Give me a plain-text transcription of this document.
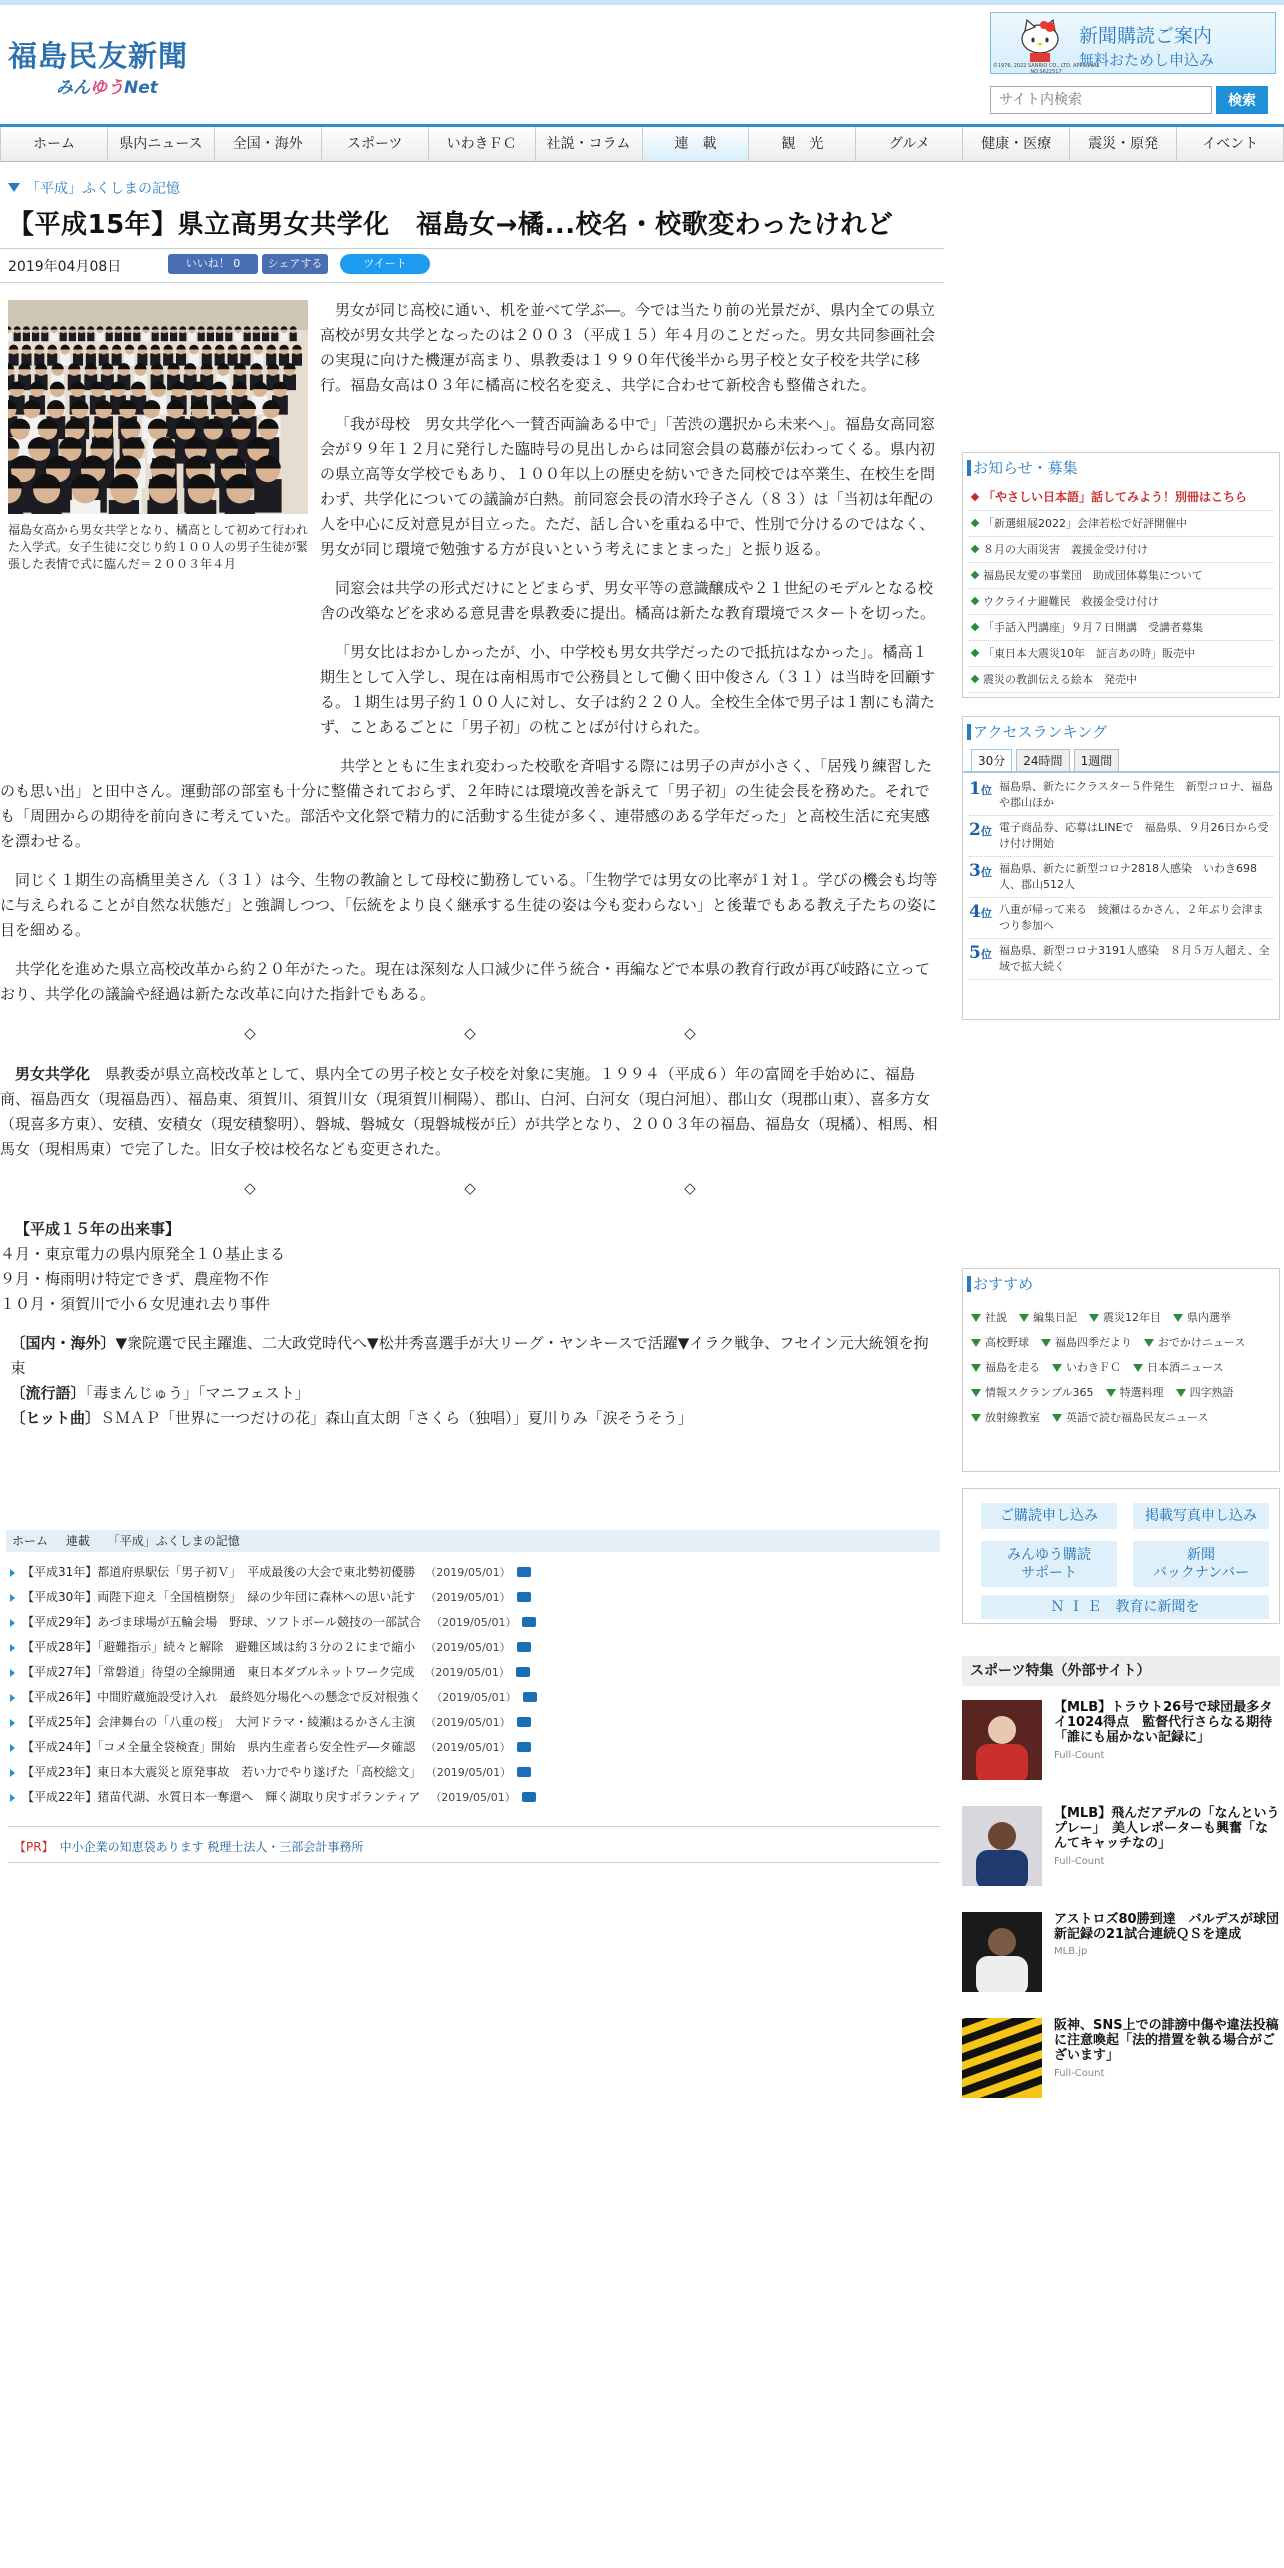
福島民友新聞
みんゆうNet
©1976, 2022 SANRIO CO., LTD. APPROVAL NO.S622517
新聞購読ご案内
無料おためし申込み
サイト内検索
検索
ホーム	県内ニュース	全国・海外	スポーツ	いわきＦＣ	社説・コラム	連　載	観　光	グルメ	健康・医療	震災・原発	イベント
「平成」ふくしまの記憶
【平成15年】県立高男女共学化　福島女→橘...校名・校歌変わったけれど
2019年04月08日	いいね！ 0	シェアする	ツイート

男女が同じ高校に通い、机を並べて学ぶ―。今では当たり前の光景だが、県内全ての県立高校が男女共学となったのは２００３（平成１５）年４月のことだった。男女共同参画社会の実現に向けた機運が高まり、県教委は１９９０年代後半から男子校と女子校を共学に移行。福島女高は０３年に橘高に校名を変え、共学に合わせて新校舎も整備された。

「我が母校　男女共学化へ一賛否両論ある中で」「苦渋の選択から未来へ」。福島女高同窓会が９９年１２月に発行した臨時号の見出しからは同窓会員の葛藤が伝わってくる。県内初の県立高等女学校でもあり、１００年以上の歴史を紡いできた同校では卒業生、在校生を問わず、共学化についての議論が白熱。前同窓会長の清水玲子さん（８３）は「当初は年配の人を中心に反対意見が目立った。ただ、話し合いを重ねる中で、性別で分けるのではなく、男女が同じ環境で勉強する方が良いという考えにまとまった」と振り返る。

同窓会は共学の形式だけにとどまらず、男女平等の意識醸成や２１世紀のモデルとなる校舎の改築などを求める意見書を県教委に提出。橘高は新たな教育環境でスタートを切った。

「男女比はおかしかったが、小、中学校も男女共学だったので抵抗はなかった」。橘高１期生として入学し、現在は南相馬市で公務員として働く田中俊さん（３１）は当時を回顧する。１期生は男子約１００人に対し、女子は約２２０人。全校生全体で男子は１割にも満たず、ことあるごとに「男子初」の枕ことばが付けられた。

共学とともに生まれ変わった校歌を斉唱する際には男子の声が小さく、「居残り練習したのも思い出」と田中さん。運動部の部室も十分に整備されておらず、２年時には環境改善を訴えて「男子初」の生徒会長を務めた。それでも「周囲からの期待を前向きに考えていた。部活や文化祭で精力的に活動する生徒が多く、連帯感のある学年だった」と高校生活に充実感を漂わせる。

同じく１期生の高橋里美さん（３１）は今、生物の教諭として母校に勤務している。「生物学では男女の比率が１対１。学びの機会も均等に与えられることが自然な状態だ」と強調しつつ、「伝統をより良く継承する生徒の姿は今も変わらない」と後輩でもある教え子たちの姿に目を細める。

共学化を進めた県立高校改革から約２０年がたった。現在は深刻な人口減少に伴う統合・再編などで本県の教育行政が再び岐路に立っており、共学化の議論や経過は新たな改革に向けた指針でもある。

◇	◇	◇

男女共学化　 県教委が県立高校改革として、県内全ての男子校と女子校を対象に実施。１９９４（平成６）年の富岡を手始めに、福島商、福島西女（現福島西）、福島東、須賀川、須賀川女（現須賀川桐陽）、郡山、白河、白河女（現白河旭）、郡山女（現郡山東）、喜多方女（現喜多方東）、安積、安積女（現安積黎明）、磐城、磐城女（現磐城桜が丘）が共学となり、２００３年の福島、福島女（現橘）、相馬、相馬女（現相馬東）で完了した。旧女子校は校名なども変更された。

◇	◇	◇

【平成１５年の出来事】

４月・東京電力の県内原発全１０基止まる

９月・梅雨明け特定できず、農産物不作

１０月・須賀川で小６女児連れ去り事件

〔国内・海外〕▼衆院選で民主躍進、二大政党時代へ▼松井秀喜選手が大リーグ・ヤンキースで活躍▼イラク戦争、フセイン元大統領を拘束

〔流行語〕「毒まんじゅう」「マニフェスト」

〔ヒット曲〕ＳＭＡＰ「世界に一つだけの花」森山直太朗「さくら（独唱）」夏川りみ「涙そうそう」

福島女高から男女共学となり、橘高として初めて行われた入学式。女子生徒に交じり約１００人の男子生徒が緊張した表情で式に臨んだ＝２００３年４月
ホーム 連載 「平成」ふくしまの記憶
【平成31年】都道府県駅伝「男子初Ｖ」　平成最後の大会で東北勢初優勝 （2019/05/01）
【平成30年】両陛下迎え「全国植樹祭」　緑の少年団に森林への思い託す （2019/05/01）
【平成29年】あづま球場が五輪会場　野球、ソフトボール競技の一部試合 （2019/05/01）
【平成28年】「避難指示」続々と解除　避難区域は約３分の２にまで縮小 （2019/05/01）
【平成27年】「常磐道」待望の全線開通　東日本ダブルネットワーク完成 （2019/05/01）
【平成26年】中間貯蔵施設受け入れ　最終処分場化への懸念で反対根強く （2019/05/01）
【平成25年】会津舞台の「八重の桜」　大河ドラマ・綾瀬はるかさん主演 （2019/05/01）
【平成24年】「コメ全量全袋検査」開始　県内生産者ら安全性デ―タ確認 （2019/05/01）
【平成23年】東日本大震災と原発事故　若い力でやり遂げた「高校総文」 （2019/05/01）
【平成22年】猪苗代湖、水質日本一奪還へ　輝く湖取り戻すボランティア （2019/05/01）
【PR】　 中小企業の知恵袋あります 税理士法人・三部会計事務所
お知らせ・募集
「やさしい日本語」話してみよう！別冊はこちら
「新選組展2022」会津若松で好評開催中
８月の大雨災害　義援金受け付け
福島民友愛の事業団　助成団体募集について
ウクライナ避難民　救援金受け付け
「手話入門講座」９月７日開講　受講者募集
「東日本大震災10年　証言あの時」販売中
震災の教訓伝える絵本　発売中
アクセスランキング
30分	24時間	1週間
1位 福島県、新たにクラスター５件発生　新型コロナ、福島や郡山ほか
2位 電子商品券、応募はLINEで　福島県、９月26日から受け付け開始
3位 福島県、新たに新型コロナ2818人感染　いわき698人、郡山512人
4位 八重が帰って来る　綾瀬はるかさん、２年ぶり会津まつり参加へ
5位 福島県、新型コロナ3191人感染　８月５万人超え、全域で拡大続く
おすすめ
社説	編集日記	震災12年目	県内選挙
高校野球	福島四季だより	おでかけニュース
福島を走る	いわきＦＣ	日本酒ニュース
情報スクランブル365	特選料理	四字熟語
放射線教室	英語で読む福島民友ニュース
ご購読申し込み	掲載写真申し込み
みんゆう購読
サポート
新聞
バックナンバー
Ｎ Ｉ Ｅ　教育に新聞を
スポーツ特集（外部サイト）
【MLB】トラウト26号で球団最多タイ1024得点　監督代行さらなる期待「誰にも届かない記録に」
Full-Count
【MLB】飛んだアデルの「なんというプレー」　美人レポーターも興奮「なんてキャッチなの」
Full-Count
アストロズ80勝到達　バルデスが球団新記録の21試合連続ＱＳを達成
MLB.jp
阪神、SNS上での誹謗中傷や違法投稿に注意喚起「法的措置を執る場合がございます」
Full-Count
